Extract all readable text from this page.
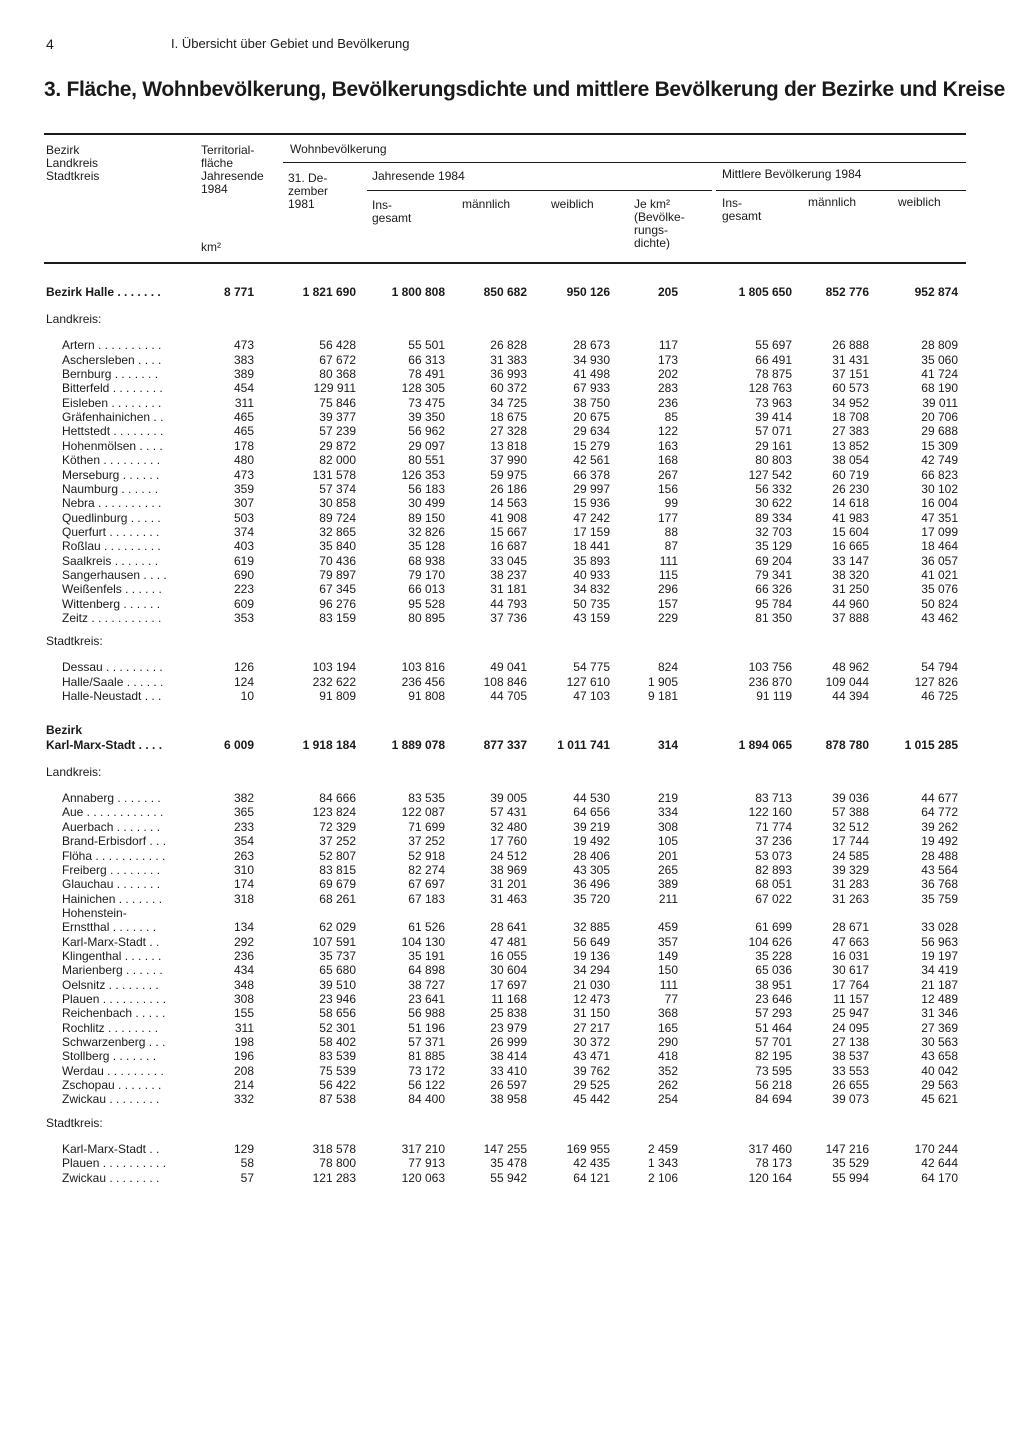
4	I. Übersicht über Gebiet und Bevölkerung
3. Fläche, Wohnbevölkerung, Bevölkerungsdichte und mittlere Bevölkerung der Bezirke und Kreise
Bezirk
Landkreis
Stadtkreis
Territorial-
fläche
Jahresende
1984
km²
Wohnbevölkerung
31. De-
zember
1981
Jahresende 1984	Mittlere Bevölkerung 1984
Ins-
gesamt
männlich	weiblich	Je km²
(Bevölke-
rungs-
dichte)
Ins-
gesamt
männlich	weiblich
Bezirk Halle . . . . . . .	8 771	1 821 690	1 800 808	850 682	950 126	205	1 805 650	852 776	952 874
Landkreis:
Artern . . . . . . . . . .	473	56 428	55 501	26 828	28 673	117	55 697	26 888	28 809
Aschersleben . . . .	383	67 672	66 313	31 383	34 930	173	66 491	31 431	35 060
Bernburg . . . . . . .	389	80 368	78 491	36 993	41 498	202	78 875	37 151	41 724
Bitterfeld . . . . . . . .	454	129 911	128 305	60 372	67 933	283	128 763	60 573	68 190
Eisleben . . . . . . . .	311	75 846	73 475	34 725	38 750	236	73 963	34 952	39 011
Gräfenhainichen . .	465	39 377	39 350	18 675	20 675	85	39 414	18 708	20 706
Hettstedt . . . . . . . .	465	57 239	56 962	27 328	29 634	122	57 071	27 383	29 688
Hohenmölsen . . . .	178	29 872	29 097	13 818	15 279	163	29 161	13 852	15 309
Köthen . . . . . . . . .	480	82 000	80 551	37 990	42 561	168	80 803	38 054	42 749
Merseburg . . . . . .	473	131 578	126 353	59 975	66 378	267	127 542	60 719	66 823
Naumburg . . . . . .	359	57 374	56 183	26 186	29 997	156	56 332	26 230	30 102
Nebra . . . . . . . . . .	307	30 858	30 499	14 563	15 936	99	30 622	14 618	16 004
Quedlinburg . . . . .	503	89 724	89 150	41 908	47 242	177	89 334	41 983	47 351
Querfurt . . . . . . . .	374	32 865	32 826	15 667	17 159	88	32 703	15 604	17 099
Roßlau . . . . . . . . .	403	35 840	35 128	16 687	18 441	87	35 129	16 665	18 464
Saalkreis . . . . . . .	619	70 436	68 938	33 045	35 893	111	69 204	33 147	36 057
Sangerhausen . . . .	690	79 897	79 170	38 237	40 933	115	79 341	38 320	41 021
Weißenfels . . . . . .	223	67 345	66 013	31 181	34 832	296	66 326	31 250	35 076
Wittenberg . . . . . .	609	96 276	95 528	44 793	50 735	157	95 784	44 960	50 824
Zeitz . . . . . . . . . . .	353	83 159	80 895	37 736	43 159	229	81 350	37 888	43 462
Stadtkreis:
Dessau . . . . . . . . .	126	103 194	103 816	49 041	54 775	824	103 756	48 962	54 794
Halle/Saale . . . . . .	124	232 622	236 456	108 846	127 610	1 905	236 870	109 044	127 826
Halle-Neustadt . . .	10	91 809	91 808	44 705	47 103	9 181	91 119	44 394	46 725
Bezirk
Karl-Marx-Stadt . . . .	6 009	1 918 184	1 889 078	877 337	1 011 741	314	1 894 065	878 780	1 015 285
Landkreis:
Annaberg . . . . . . .	382	84 666	83 535	39 005	44 530	219	83 713	39 036	44 677
Aue . . . . . . . . . . . .	365	123 824	122 087	57 431	64 656	334	122 160	57 388	64 772
Auerbach . . . . . . .	233	72 329	71 699	32 480	39 219	308	71 774	32 512	39 262
Brand-Erbisdorf . . .	354	37 252	37 252	17 760	19 492	105	37 236	17 744	19 492
Flöha . . . . . . . . . . .	263	52 807	52 918	24 512	28 406	201	53 073	24 585	28 488
Freiberg . . . . . . . .	310	83 815	82 274	38 969	43 305	265	82 893	39 329	43 564
Glauchau . . . . . . .	174	69 679	67 697	31 201	36 496	389	68 051	31 283	36 768
Hainichen . . . . . . .	318	68 261	67 183	31 463	35 720	211	67 022	31 263	35 759
Hohenstein-
Ernstthal . . . . . . .	134	62 029	61 526	28 641	32 885	459	61 699	28 671	33 028
Karl-Marx-Stadt . .	292	107 591	104 130	47 481	56 649	357	104 626	47 663	56 963
Klingenthal . . . . . .	236	35 737	35 191	16 055	19 136	149	35 228	16 031	19 197
Marienberg . . . . . .	434	65 680	64 898	30 604	34 294	150	65 036	30 617	34 419
Oelsnitz . . . . . . . .	348	39 510	38 727	17 697	21 030	111	38 951	17 764	21 187
Plauen . . . . . . . . . .	308	23 946	23 641	11 168	12 473	77	23 646	11 157	12 489
Reichenbach . . . . .	155	58 656	56 988	25 838	31 150	368	57 293	25 947	31 346
Rochlitz . . . . . . . .	311	52 301	51 196	23 979	27 217	165	51 464	24 095	27 369
Schwarzenberg . . .	198	58 402	57 371	26 999	30 372	290	57 701	27 138	30 563
Stollberg . . . . . . .	196	83 539	81 885	38 414	43 471	418	82 195	38 537	43 658
Werdau . . . . . . . . .	208	75 539	73 172	33 410	39 762	352	73 595	33 553	40 042
Zschopau . . . . . . .	214	56 422	56 122	26 597	29 525	262	56 218	26 655	29 563
Zwickau . . . . . . . .	332	87 538	84 400	38 958	45 442	254	84 694	39 073	45 621
Stadtkreis:
Karl-Marx-Stadt . .	129	318 578	317 210	147 255	169 955	2 459	317 460	147 216	170 244
Plauen . . . . . . . . . .	58	78 800	77 913	35 478	42 435	1 343	78 173	35 529	42 644
Zwickau . . . . . . . .	57	121 283	120 063	55 942	64 121	2 106	120 164	55 994	64 170
